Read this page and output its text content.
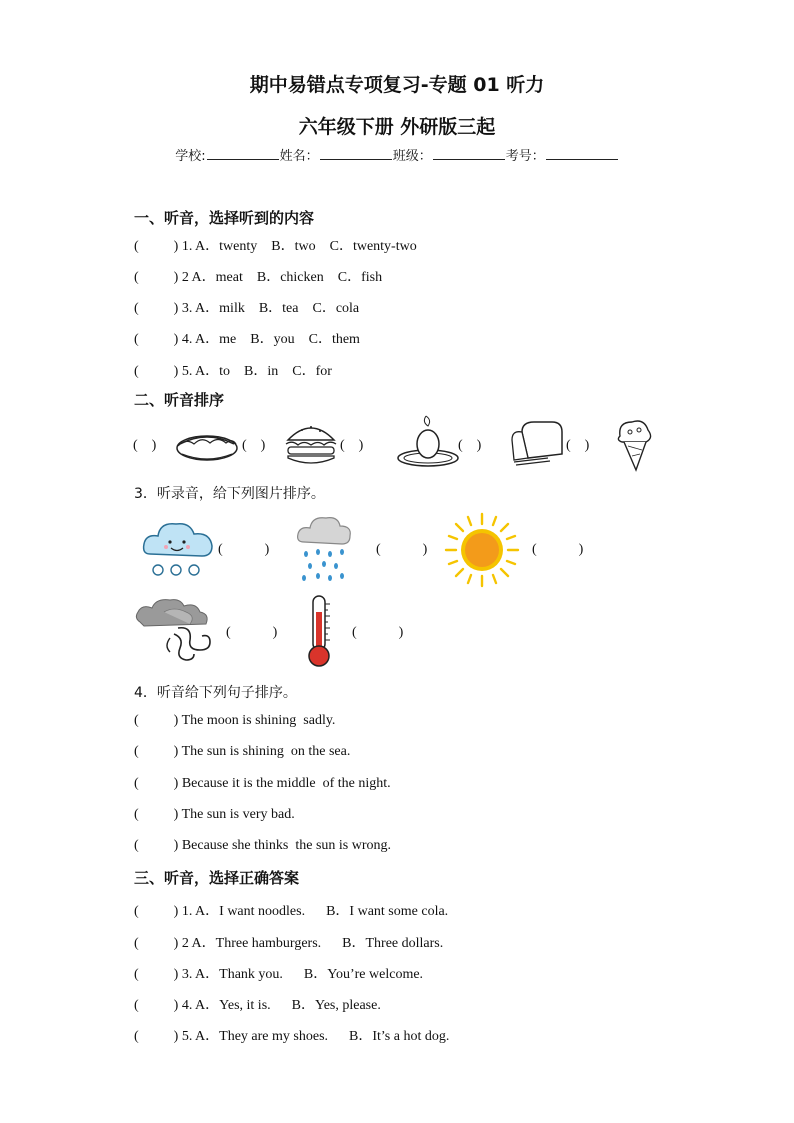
期中易错点专项复习-专题 01 听力
六年级下册 外研版三起
学校:	姓名：	班级：	考号：
一、听音，选择听到的内容
(          ) 1. A．twenty    B．two    C．twenty-two
(          ) 2 A．meat    B．chicken    C．fish
(          ) 3. A．milk    B．tea    C．cola
(          ) 4. A．me    B．you    C．them
(          ) 5. A．to    B．in    C．for
二、听音排序
(    )	(    )	(    )	(    )	(    )
3．听录音，给下列图片排序。
(            )	(            )	(            )
(            )	(            )
4．听音给下列句子排序。
(          ) The moon is shining  sadly.
(          ) The sun is shining  on the sea.
(          ) Because it is the middle  of the night.
(          ) The sun is very bad.
(          ) Because she thinks  the sun is wrong.
三、听音，选择正确答案
(          ) 1. A．I want noodles.      B．I want some cola.
(          ) 2 A．Three hamburgers.      B．Three dollars.
(          ) 3. A．Thank you.      B．You’re welcome.
(          ) 4. A．Yes, it is.      B．Yes, please.
(          ) 5. A．They are my shoes.      B．It’s a hot dog.
